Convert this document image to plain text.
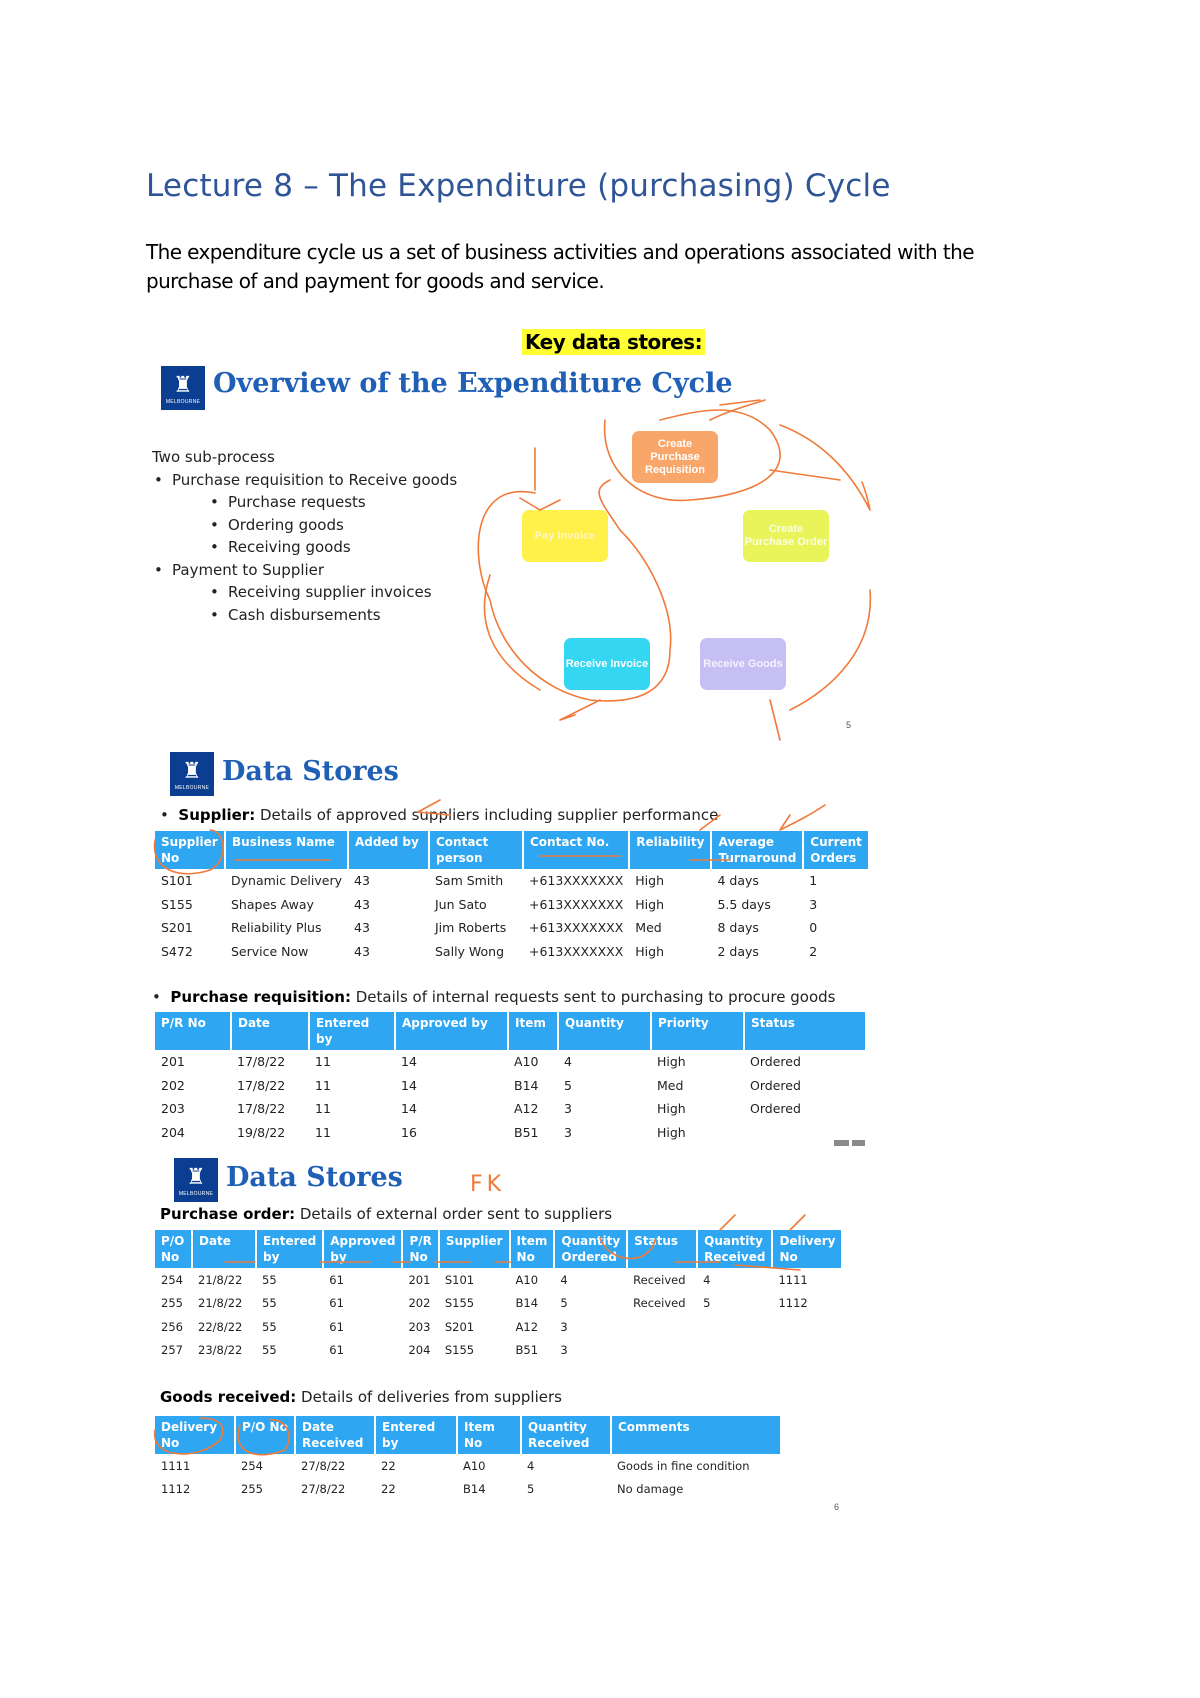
Lecture 8 – The Expenditure (purchasing) Cycle
The expenditure cycle us a set of business activities and operations associated with the purchase of and payment for goods and service.
Key data stores:
♜
MELBOURNE
Overview of the Expenditure Cycle
Two sub-process
• Purchase requisition to Receive goods
• Purchase requests
• Ordering goods
• Receiving goods
• Payment to Supplier
• Receiving supplier invoices
• Cash disbursements
Create Purchase Requisition
Pay Invoice
Create Purchase Order
Receive Invoice	Receive Goods
5
♜
MELBOURNE
Data Stores
•  Supplier: Details of approved suppliers including supplier performance
Supplier No	Business Name	Added by	Contact person	Contact No.	Reliability	Average Turnaround	Current Orders
S101	Dynamic Delivery	43	Sam Smith	+613XXXXXXX	High	4 days	1
S155	Shapes Away	43	Jun Sato	+613XXXXXXX	High	5.5 days	3
S201	Reliability Plus	43	Jim Roberts	+613XXXXXXX	Med	8 days	0
S472	Service Now	43	Sally Wong	+613XXXXXXX	High	2 days	2
•  Purchase requisition: Details of internal requests sent to purchasing to procure goods
P/R No	Date	Entered by	Approved by	Item	Quantity	Priority	Status
201	17/8/22	11	14	A10	4	High	Ordered
202	17/8/22	11	14	B14	5	Med	Ordered
203	17/8/22	11	14	A12	3	High	Ordered
204	19/8/22	11	16	B51	3	High	
♜
MELBOURNE
Data Stores	FK
Purchase order: Details of external order sent to suppliers
P/O No	Date	Entered by	Approved by	P/R No	Supplier	Item No	Quantity Ordered	Status	Quantity Received	Delivery No
254	21/8/22	55	61	201	S101	A10	4	Received	4	1111
255	21/8/22	55	61	202	S155	B14	5	Received	5	1112
256	22/8/22	55	61	203	S201	A12	3			
257	23/8/22	55	61	204	S155	B51	3			
Goods received: Details of deliveries from suppliers
Delivery No	P/O No	Date Received	Entered by	Item No	Quantity Received	Comments
1111	254	27/8/22	22	A10	4	Goods in fine condition
1112	255	27/8/22	22	B14	5	No damage
6
